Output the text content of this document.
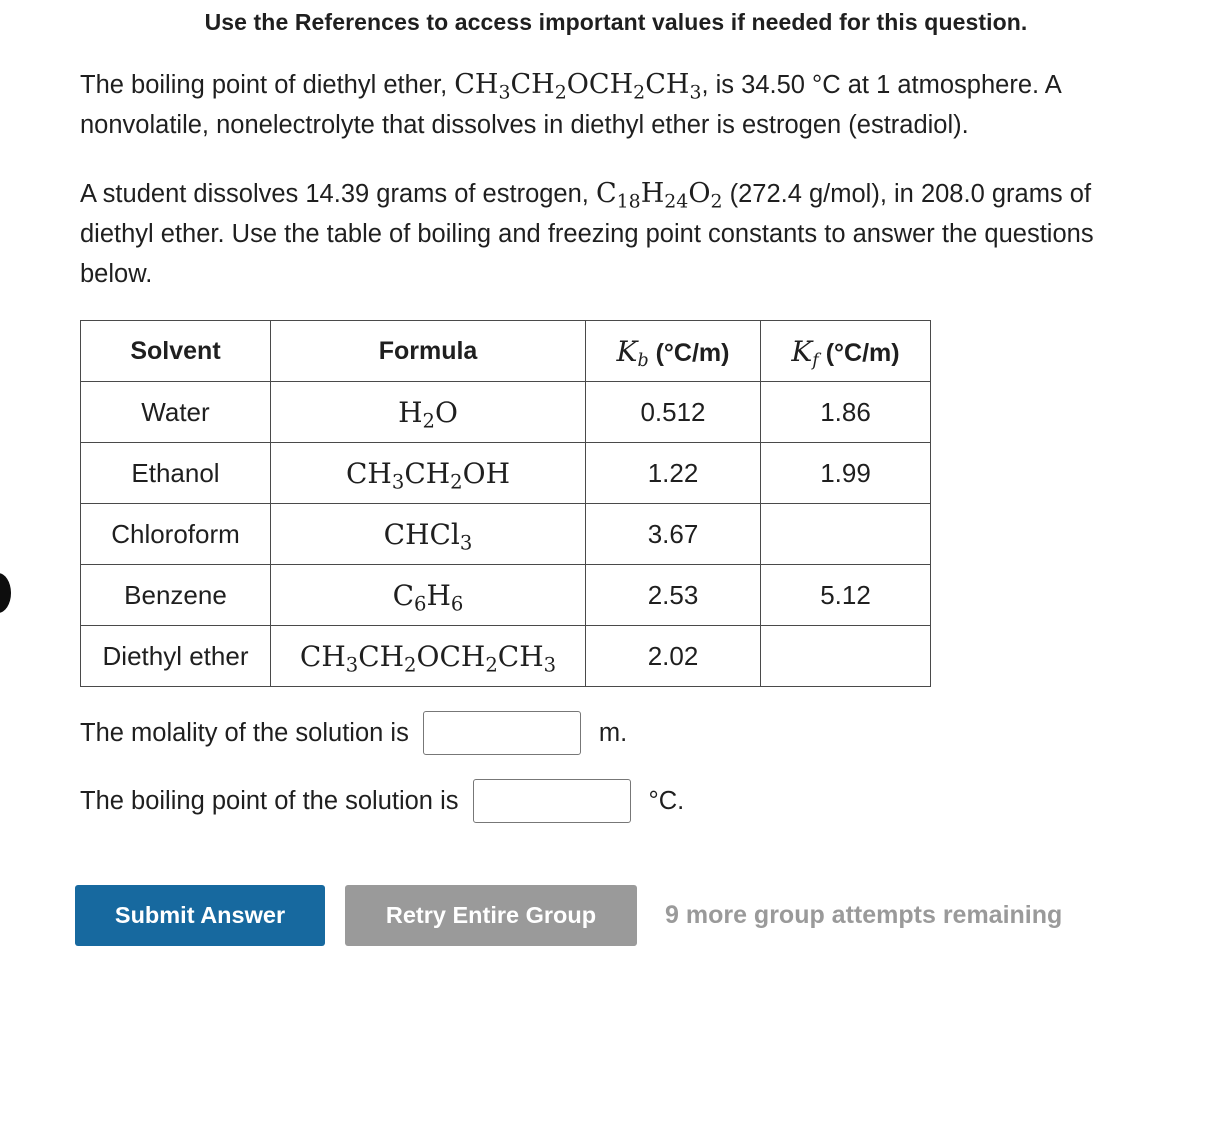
Use the References to access important values if needed for this question.

The boiling point of diethyl ether, $CH_3CH_2OCH_2CH_3$, is 34.50 °C at 1 atmosphere. A nonvolatile, nonelectrolyte that dissolves in diethyl ether is estrogen (estradiol).

A student dissolves 14.39 grams of estrogen, $C_{18}H_{24}O_2$ (272.4 g/mol), in 208.0 grams of diethyl ether. Use the table of boiling and freezing point constants to answer the questions below.

Solvent	Formula	$K_b$ (°C/m)	$K_f$ (°C/m)
Water	$H_2O$	0.512	1.86
Ethanol	$CH_3CH_2OH$	1.22	1.99
Chloroform	CHCl$_3$	3.67	
Benzene	$C_6H_6$	2.53	5.12
Diethyl ether	$CH_3CH_2OCH_2CH_3$	2.02	
The molality of the solution is	m.
The boiling point of the solution is	°C.
Submit Answer	Retry Entire Group	9 more group attempts remaining
